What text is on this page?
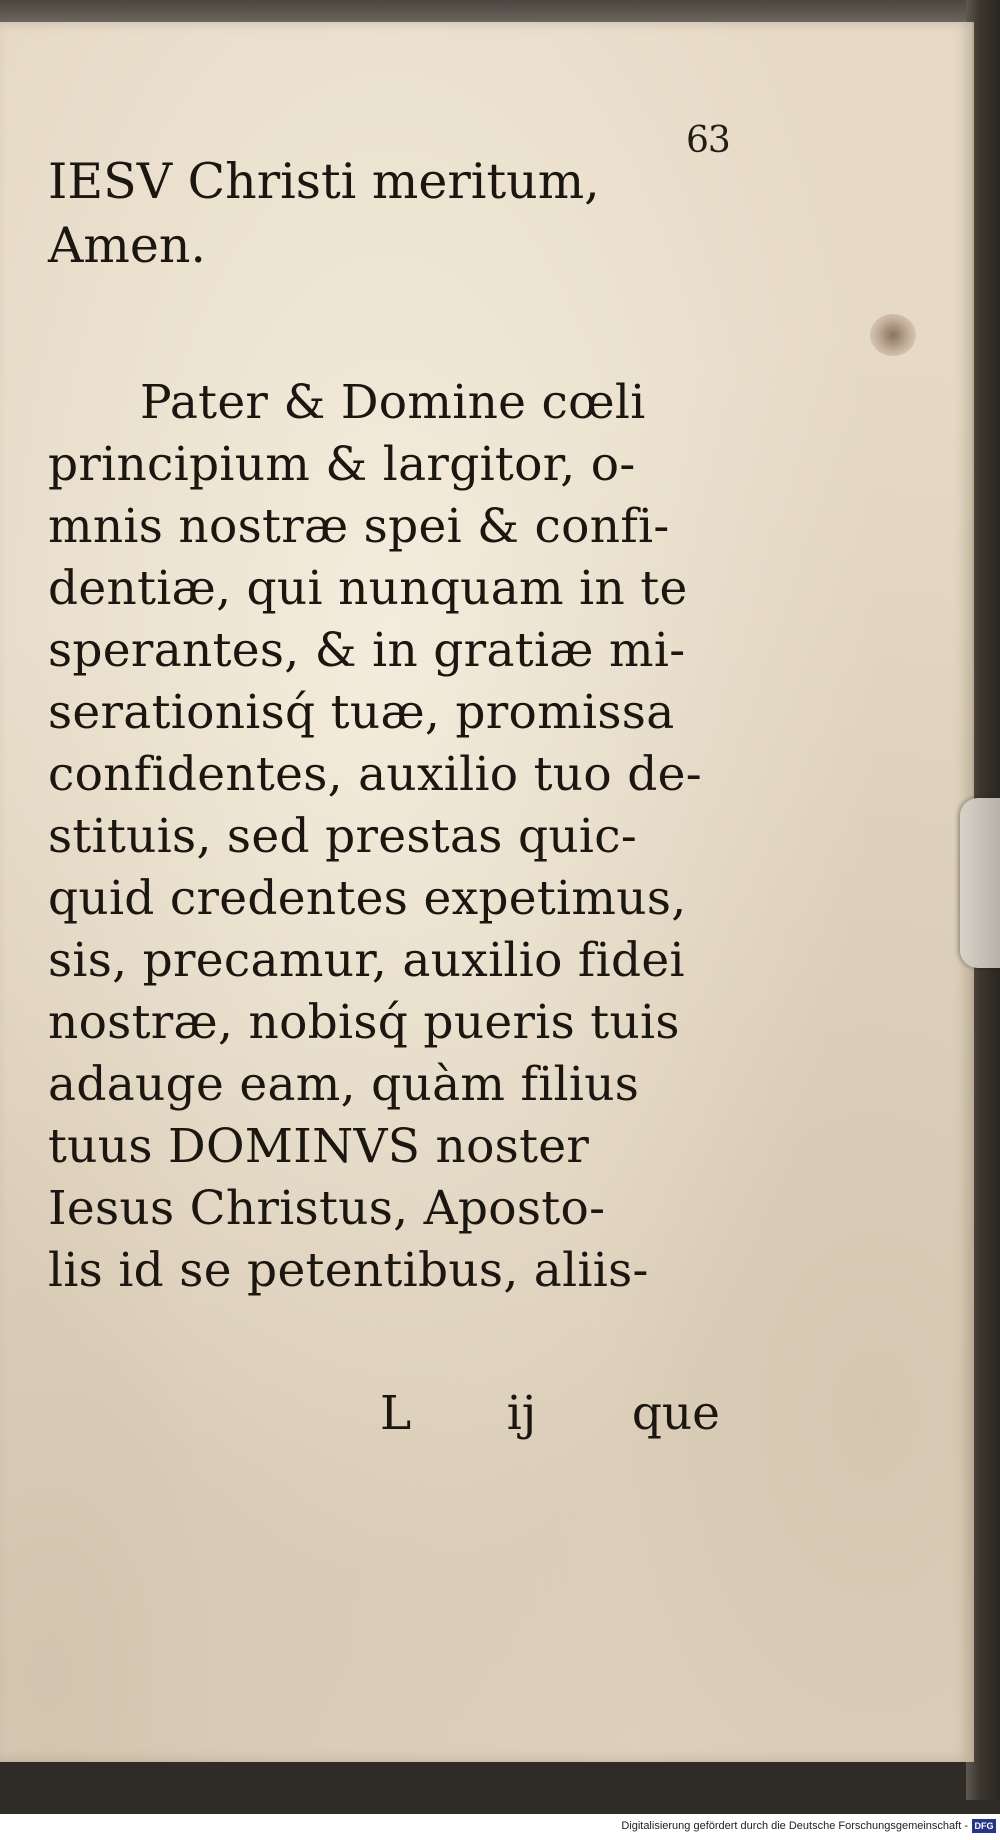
63
IESV Christi meritum,
Amen.
Pater & Domine cœli
principium & largitor, o-
mnis nostræ spei & confi-
dentiæ, qui nunquam in te
sperantes, & in gratiæ mi-
serationisq́ tuæ, promissa
confidentes, auxilio tuo de-
stituis, sed prestas quic-
quid credentes expetimus,
sis, precamur, auxilio fidei
nostræ, nobisq́ pueris tuis
adauge eam, quàm filius
tuus DOMINVS noster
Iesus Christus, Aposto-
lis id se petentibus, aliis-
L ij que
Digitalisierung gefördert durch die Deutsche Forschungsgemeinschaft - DFG
